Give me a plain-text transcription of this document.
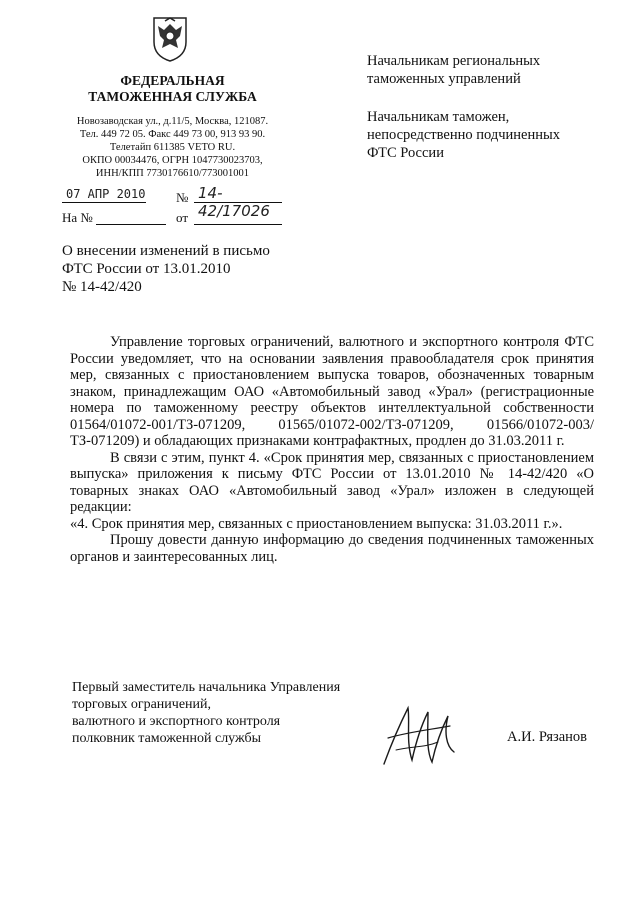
ФЕДЕРАЛЬНАЯ
ТАМОЖЕННАЯ СЛУЖБА
Новозаводская ул., д.11/5, Москва, 121087.
Тел. 449 72 05. Факс 449 73 00, 913 93 90.
Телетайп 611385 VETO RU.
ОКПО 00034476, ОГРН 1047730023703,
ИНН/КПП 7730176610/773001001
07 АПР 2010 № 14-42/17026
На №	от
Начальникам региональных
таможенных управлений
Начальникам таможен,
непосредственно подчиненных
ФТС России
О внесении изменений в письмо
ФТС России от 13.01.2010
№ 14-42/420

Управление торговых ограничений, валютного и экспортного контроля ФТС России уведомляет, что на основании заявления правообладателя срок принятия мер, связанных с приостановлением выпуска товаров, обозначенных товарным знаком, принадлежащим ОАО «Автомобильный завод «Урал» (регистрационные номера по таможенному реестру объектов интеллектуальной собственности 01564/01072-001/ТЗ-071209, 01565/01072-002/ТЗ-071209, 01566/01072-003/ТЗ-071209) и обладающих признаками контрафактных, продлен до 31.03.2011 г.

В связи с этим, пункт 4. «Срок принятия мер, связанных с приостановлением выпуска» приложения к письму ФТС России от 13.01.2010 № 14-42/420 «О товарных знаках ОАО «Автомобильный завод «Урал» изложен в следующей редакции:

«4. Срок принятия мер, связанных с приостановлением выпуска: 31.03.2011 г.».

Прошу довести данную информацию до сведения подчиненных таможенных органов и заинтересованных лиц.

Первый заместитель начальника Управления
торговых ограничений,
валютного и экспортного контроля
полковник таможенной службы	А.И. Рязанов
